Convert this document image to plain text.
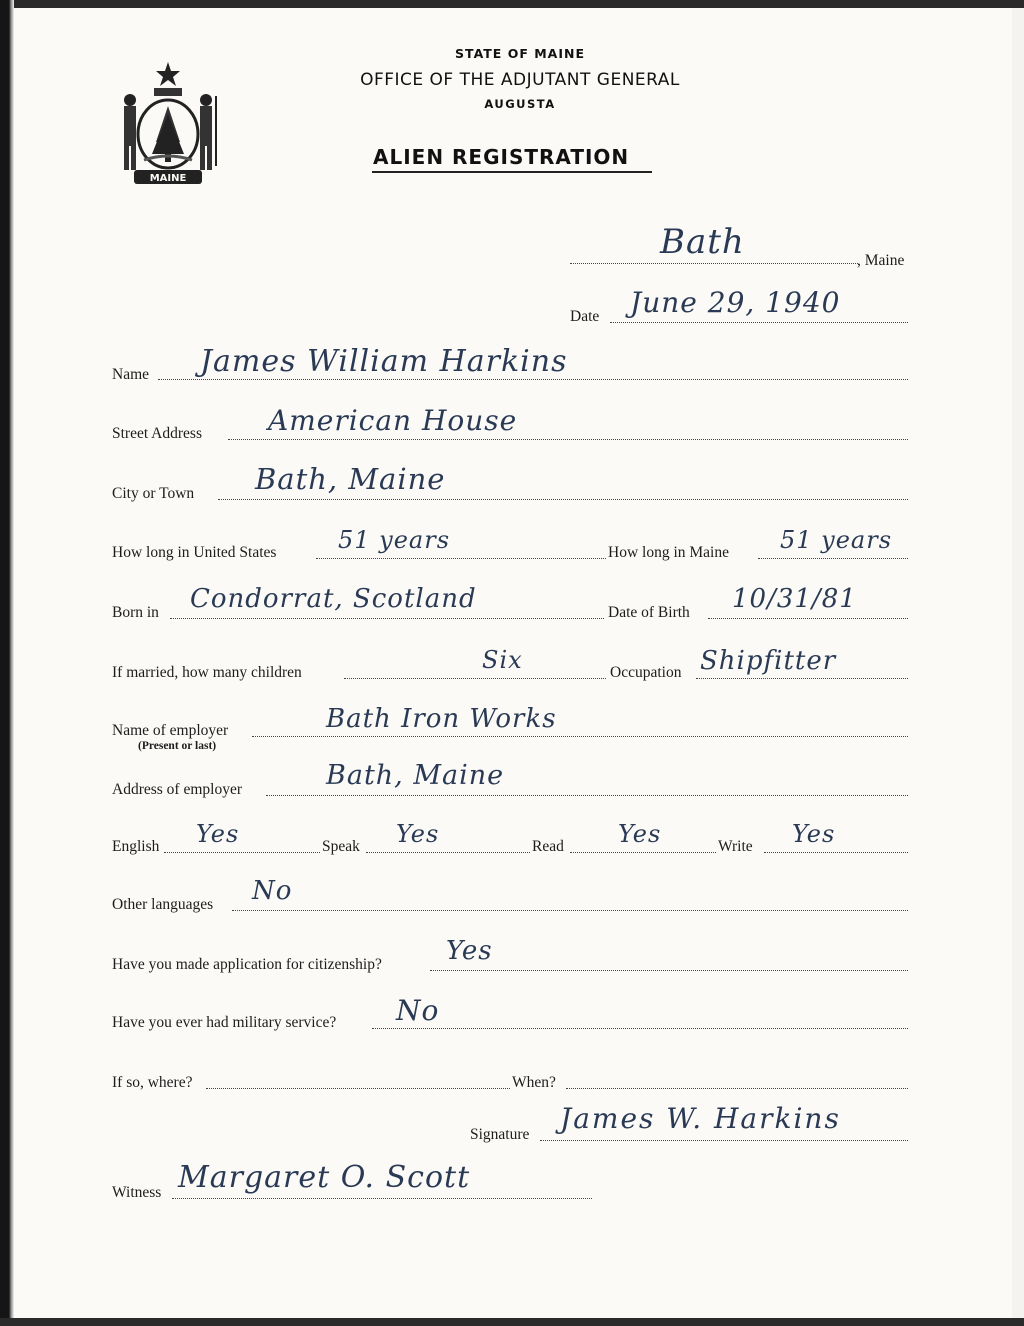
MAINE
STATE OF MAINE
OFFICE OF THE ADJUTANT GENERAL
AUGUSTA
ALIEN REGISTRATION
Bath	, Maine
Date June 29, 1940
Name James William Harkins
Street Address American House
City or Town Bath, Maine
How long in United States	51 years	How long in Maine 51 years
Born in Condorrat, Scotland	Date of Birth 10/31/81
If married, how many children	Six	Occupation Shipfitter
Name of employer
(Present or last)
Bath Iron Works
Address of employer	Bath, Maine
English Yes	Speak Yes	Read Yes	Write Yes
Other languages No
Have you made application for citizenship? Yes
Have you ever had military service? No
If so, where?	When?
Signature James W. Harkins
Witness Margaret O. Scott
